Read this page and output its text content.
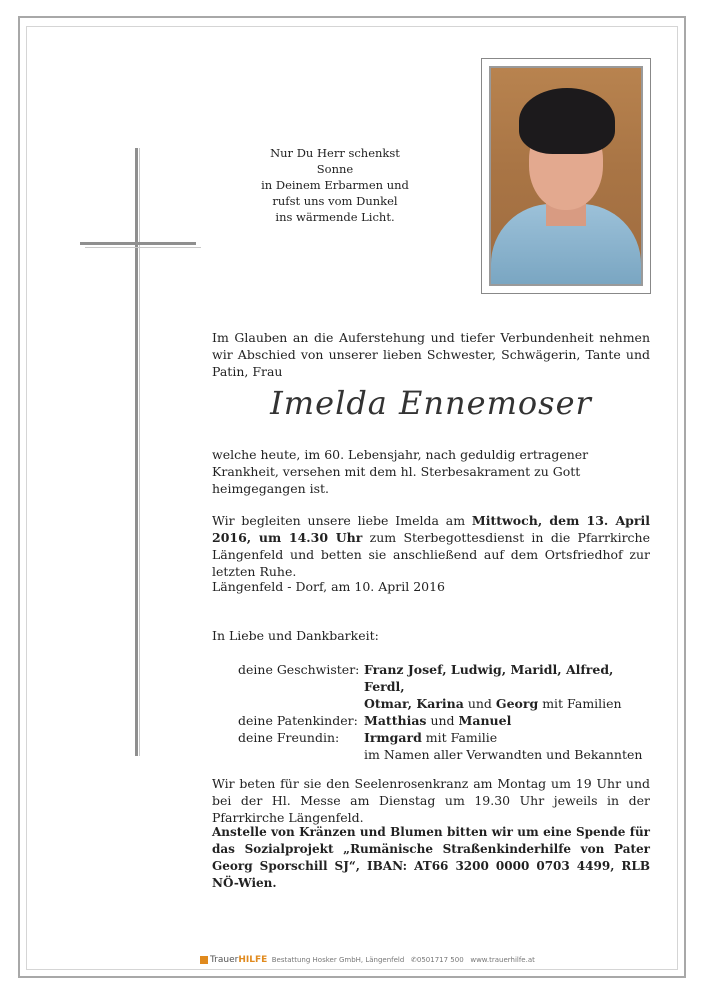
Nur Du Herr schenkst Sonne
in Deinem Erbarmen und
rufst uns vom Dunkel
ins wärmende Licht.
Im Glauben an die Auferstehung und tiefer Verbundenheit nehmen wir Abschied von unserer lieben Schwester, Schwägerin, Tante und Patin, Frau
Imelda Ennemoser
welche heute, im 60. Lebensjahr, nach geduldig ertragener Krankheit, versehen mit dem hl. Sterbesakrament zu Gott heimgegangen ist.
Wir begleiten unsere liebe Imelda am Mittwoch, dem 13. April 2016, um 14.30 Uhr zum Sterbegottesdienst in die Pfarrkirche Längenfeld und betten sie anschließend auf dem Ortsfriedhof zur letzten Ruhe.
Längenfeld - Dorf, am 10. April 2016
In Liebe und Dankbarkeit:
deine Geschwister: Franz Josef, Ludwig, Maridl, Alfred, Ferdl,
Otmar, Karina und Georg mit Familien
deine Patenkinder: Matthias und Manuel
deine Freundin:	Irmgard mit Familie
im Namen aller Verwandten und Bekannten
Wir beten für sie den Seelenrosenkranz am Montag um 19 Uhr und bei der Hl. Messe am Dienstag um 19.30 Uhr jeweils in der Pfarrkirche Längenfeld.
Anstelle von Kränzen und Blumen bitten wir um eine Spende für das Sozialprojekt „Rumänische Straßenkinderhilfe von Pater Georg Sporschill SJ“, IBAN: AT66 3200 0000 0703 4499, RLB NÖ-Wien.
TrauerHILFE Bestattung Hosker GmbH, Längenfeld ✆0501717 500 www.trauerhilfe.at
